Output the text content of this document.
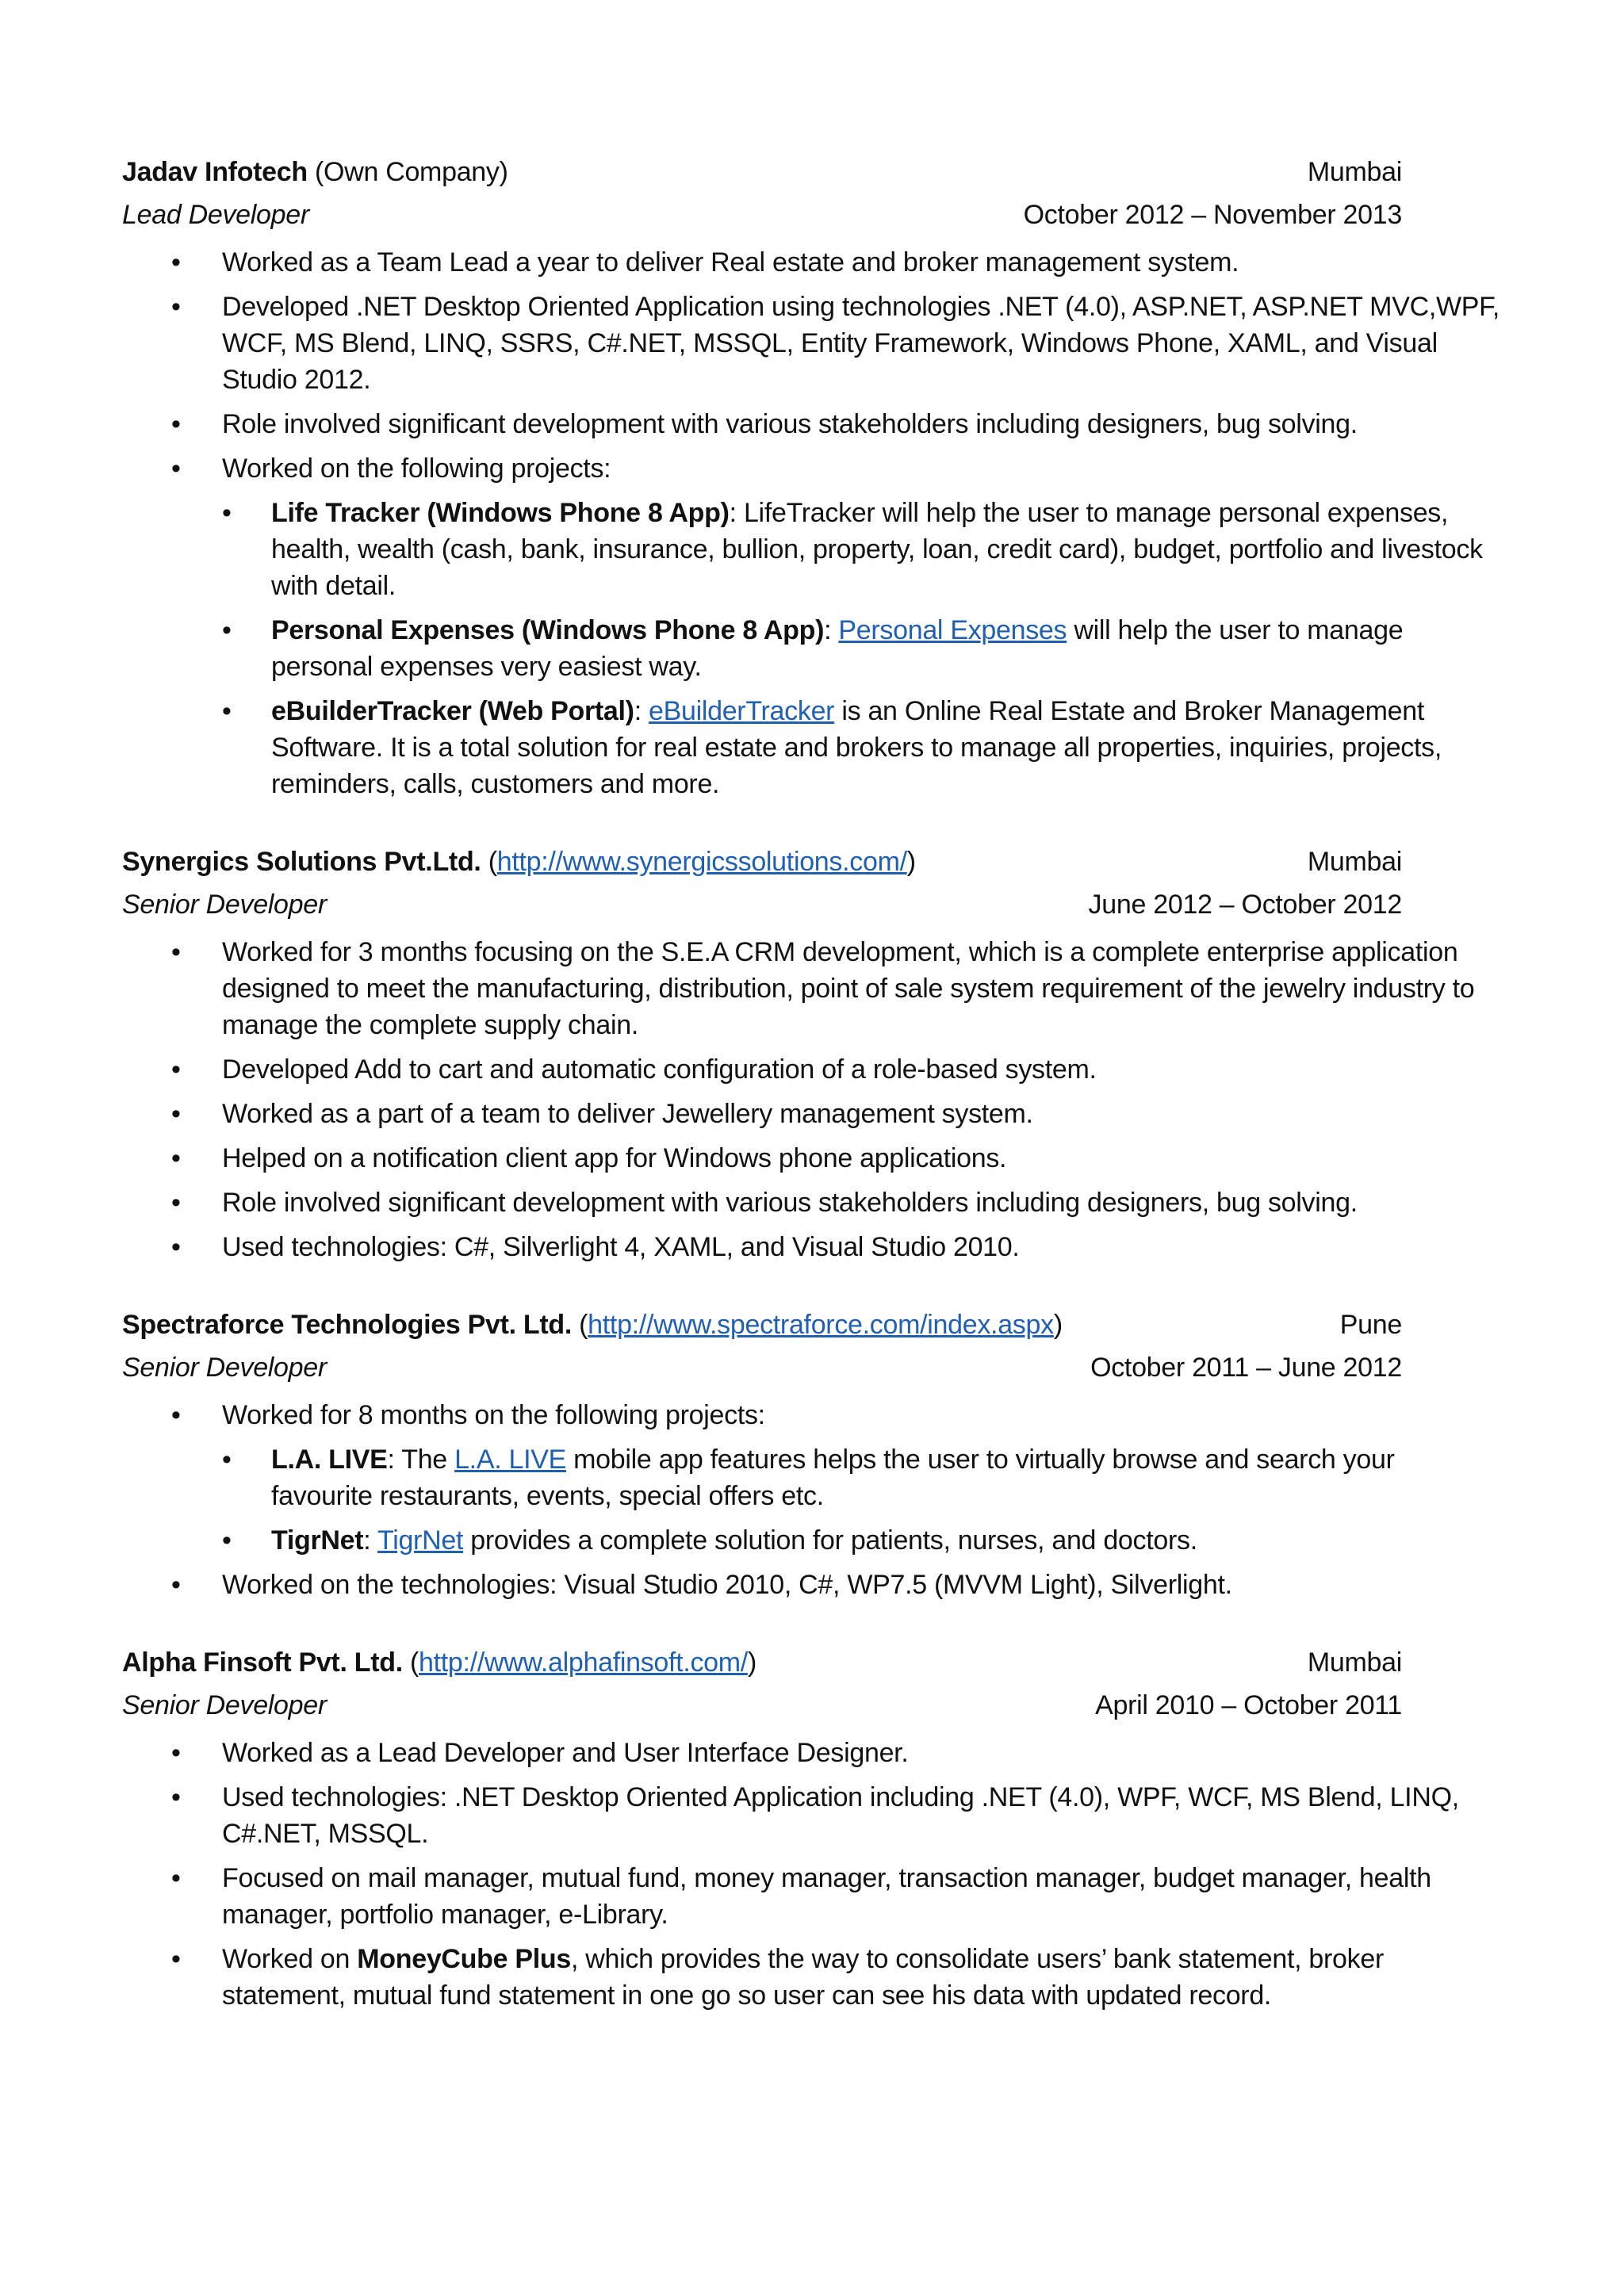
Jadav Infotech (Own Company)	Mumbai
Lead Developer	October 2012 – November 2013
• Worked as a Team Lead a year to deliver Real estate and broker management system.
• Developed .NET Desktop Oriented Application using technologies .NET (4.0), ASP.NET, ASP.NET MVC,WPF, WCF, MS Blend, LINQ, SSRS, C#.NET, MSSQL, Entity Framework, Windows Phone, XAML, and Visual Studio 2012.
• Role involved significant development with various stakeholders including designers, bug solving.
• Worked on the following projects:
• Life Tracker (Windows Phone 8 App): LifeTracker will help the user to manage personal expenses, health, wealth (cash, bank, insurance, bullion, property, loan, credit card), budget, portfolio and livestock with detail.
• Personal Expenses (Windows Phone 8 App): Personal Expenses will help the user to manage personal expenses very easiest way.
• eBuilderTracker (Web Portal): eBuilderTracker is an Online Real Estate and Broker Management Software. It is a total solution for real estate and brokers to manage all properties, inquiries, projects, reminders, calls, customers and more.
Synergics Solutions Pvt.Ltd. (http://www.synergicssolutions.com/)	Mumbai
Senior Developer	June 2012 – October 2012
• Worked for 3 months focusing on the S.E.A CRM development, which is a complete enterprise application designed to meet the manufacturing, distribution, point of sale system requirement of the jewelry industry to manage the complete supply chain.
• Developed Add to cart and automatic configuration of a role-based system.
• Worked as a part of a team to deliver Jewellery management system.
• Helped on a notification client app for Windows phone applications.
• Role involved significant development with various stakeholders including designers, bug solving.
• Used technologies: C#, Silverlight 4, XAML, and Visual Studio 2010.
Spectraforce Technologies Pvt. Ltd. (http://www.spectraforce.com/index.aspx)	Pune
Senior Developer	October 2011 – June 2012
• Worked for 8 months on the following projects:
• L.A. LIVE: The L.A. LIVE mobile app features helps the user to virtually browse and search your favourite restaurants, events, special offers etc.
• TigrNet: TigrNet provides a complete solution for patients, nurses, and doctors.
• Worked on the technologies: Visual Studio 2010, C#, WP7.5 (MVVM Light), Silverlight.
Alpha Finsoft Pvt. Ltd. (http://www.alphafinsoft.com/)	Mumbai
Senior Developer	April 2010 – October 2011
• Worked as a Lead Developer and User Interface Designer.
• Used technologies: .NET Desktop Oriented Application including .NET (4.0), WPF, WCF, MS Blend, LINQ, C#.NET, MSSQL.
• Focused on mail manager, mutual fund, money manager, transaction manager, budget manager, health manager, portfolio manager, e-Library.
• Worked on MoneyCube Plus, which provides the way to consolidate users’ bank statement, broker statement, mutual fund statement in one go so user can see his data with updated record.
